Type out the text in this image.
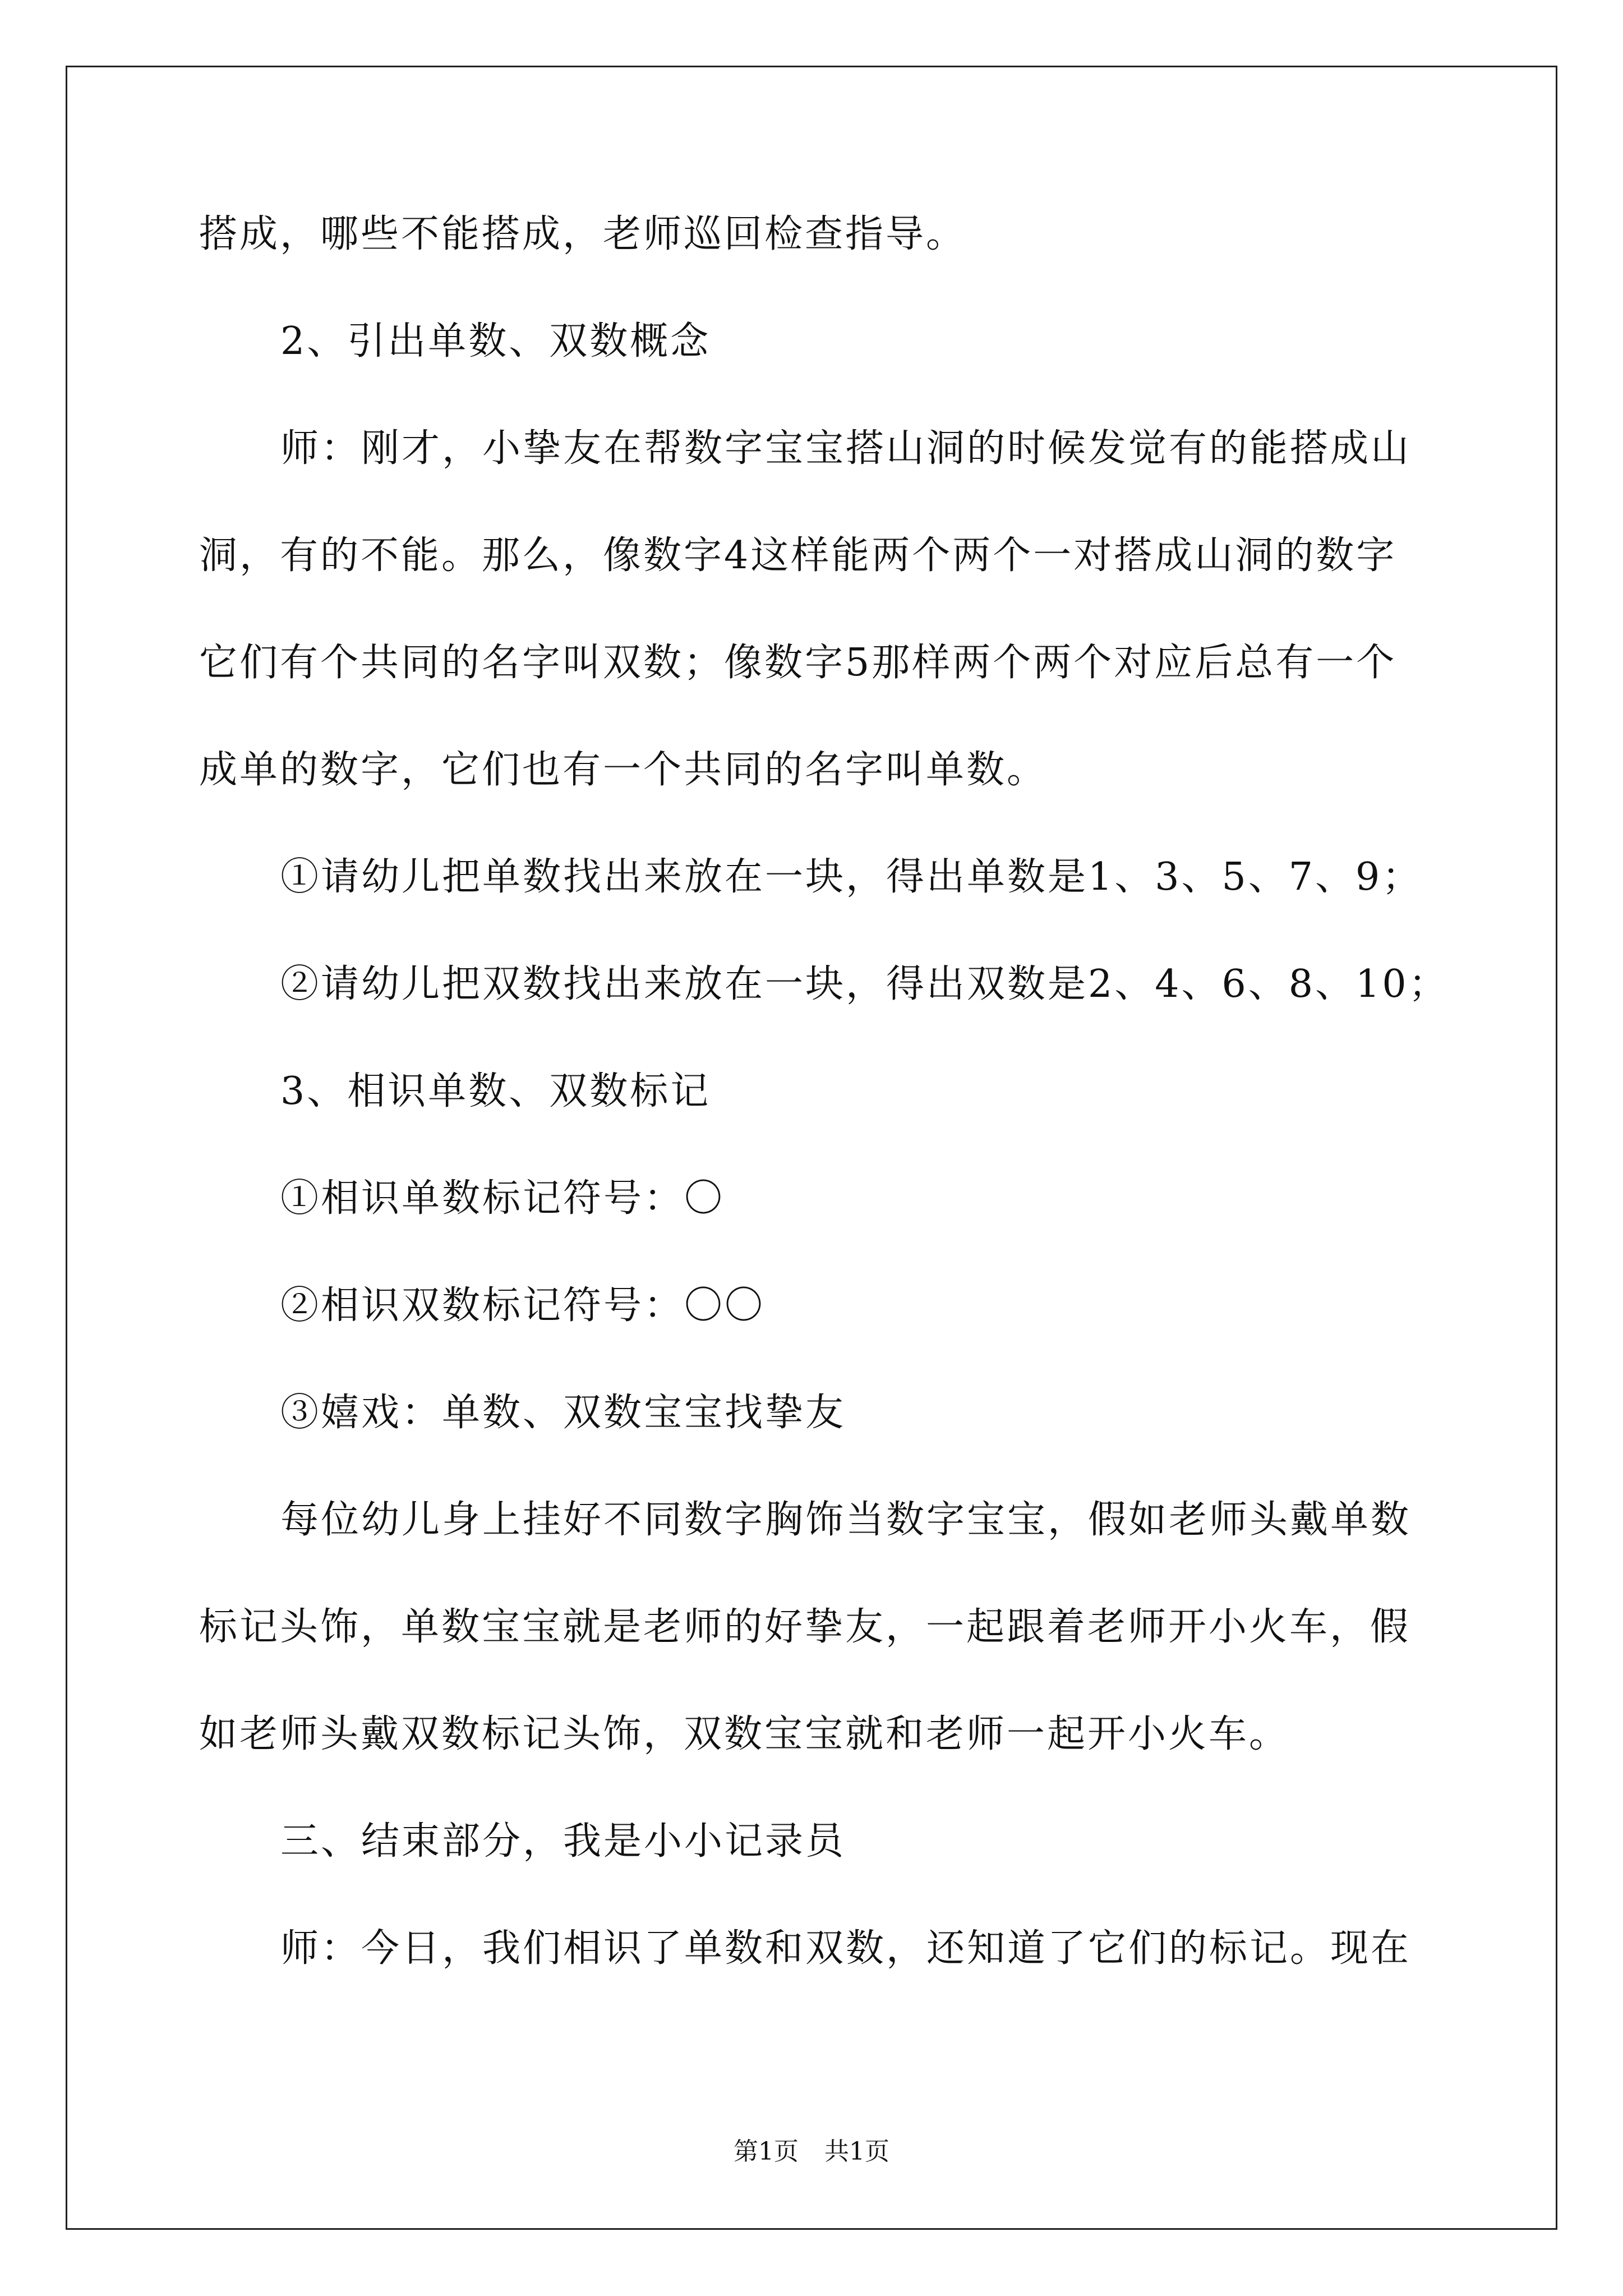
搭成，哪些不能搭成，老师巡回检查指导。

2、引出单数、双数概念

师：刚才，小挚友在帮数字宝宝搭山洞的时候发觉有的能搭成山

洞，有的不能。那么，像数字4这样能两个两个一对搭成山洞的数字

它们有个共同的名字叫双数；像数字5那样两个两个对应后总有一个

成单的数字，它们也有一个共同的名字叫单数。

①请幼儿把单数找出来放在一块，得出单数是1、3、5、7、9；

②请幼儿把双数找出来放在一块，得出双数是2、4、6、8、10；

3、相识单数、双数标记

①相识单数标记符号：〇

②相识双数标记符号：〇〇

③嬉戏：单数、双数宝宝找挚友

每位幼儿身上挂好不同数字胸饰当数字宝宝，假如老师头戴单数

标记头饰，单数宝宝就是老师的好挚友，一起跟着老师开小火车，假

如老师头戴双数标记头饰，双数宝宝就和老师一起开小火车。

三、结束部分，我是小小记录员

师：今日，我们相识了单数和双数，还知道了它们的标记。现在

第1页 共1页
